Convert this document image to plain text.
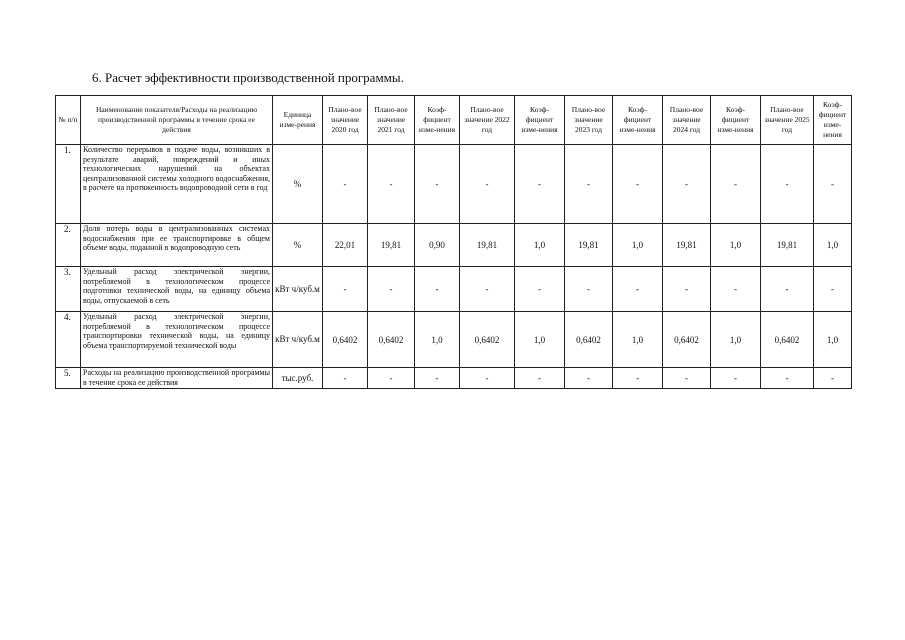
6. Расчет эффективности производственной программы.
№ п/п	Наименование показателя/Расходы на реализацию производственной программы в течение срока ее действия	Единица изме-рения	Плано-вое значение 2020 год	Плано-вое значение 2021 год	Коэф-фициент изме-нения	Плано-вое значение 2022 год	Коэф-фициент изме-нения	Плано-вое значение 2023 год	Коэф-фициент изме-нения	Плано-вое значение 2024 год	Коэф-фициент изме-нения	Плано-вое значение 2025 год	Коэф-фициент изме-нения
1.	Количество перерывов в подаче воды, возникших в результате аварий, повреждений и иных технологических нарушений на объектах централизованной системы холодного водоснабжения, в расчете на протяженность водопроводной сети в год	%	-	-	-	-	-	-	-	-	-	-	-
2.	Доля потерь воды в централизованных системах водоснабжения при ее транспортировке в общем объеме воды, поданной в водопроводную сеть	%	22,01	19,81	0,90	19,81	1,0	19,81	1,0	19,81	1,0	19,81	1,0
3.	Удельный расход электрической энергии, потребляемой в технологическом процессе подготовки технической воды, на единицу объема воды, отпускаемой в сеть	кВт ч/куб.м	-	-	-	-	-	-	-	-	-	-	-
4.	Удельный расход электрической энергии, потребляемой в технологическом процессе транспортировки технической воды, на единицу объема транспортируемой технической воды	кВт ч/куб.м	0,6402	0,6402	1,0	0,6402	1,0	0,6402	1,0	0,6402	1,0	0,6402	1,0
5.	Расходы на реализацию производственной программы в течение срока ее действия	тыс.руб.	-	-	-	-	-	-	-	-	-	-	-
